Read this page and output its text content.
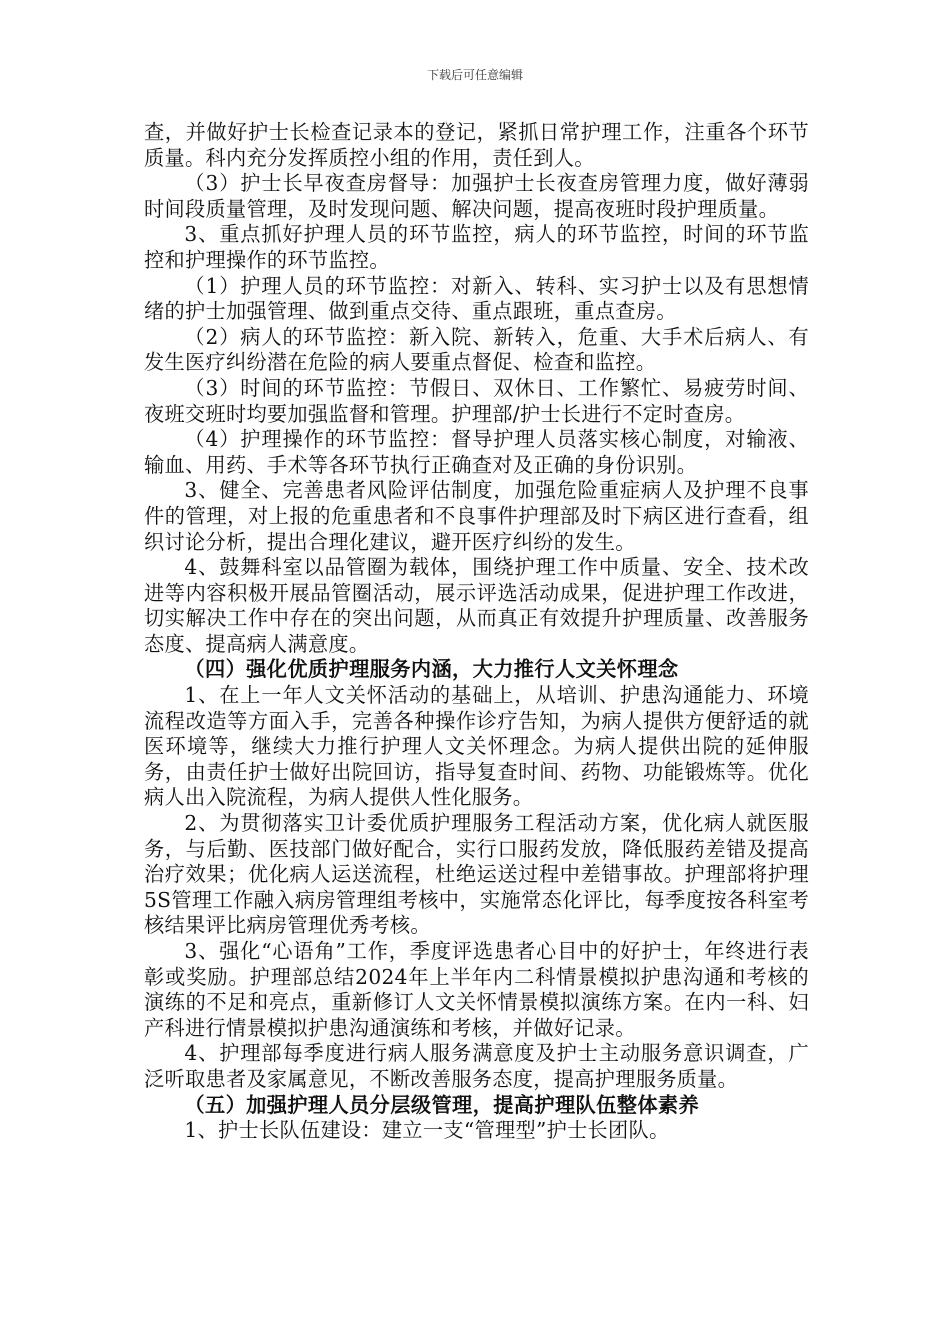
下载后可任意编辑

查，并做好护士长检查记录本的登记，紧抓日常护理工作，注重各个环节质量。科内充分发挥质控小组的作用，责任到人。

（3）护士长早夜查房督导：加强护士长夜查房管理力度，做好薄弱时间段质量管理，及时发现问题、解决问题，提高夜班时段护理质量。

3、重点抓好护理人员的环节监控，病人的环节监控，时间的环节监控和护理操作的环节监控。

（1）护理人员的环节监控：对新入、转科、实习护士以及有思想情绪的护士加强管理、做到重点交待、重点跟班，重点查房。

（2）病人的环节监控：新入院、新转入，危重、大手术后病人、有发生医疗纠纷潜在危险的病人要重点督促、检查和监控。

（3）时间的环节监控：节假日、双休日、工作繁忙、易疲劳时间、夜班交班时均要加强监督和管理。护理部/护士长进行不定时查房。

（4）护理操作的环节监控：督导护理人员落实核心制度，对输液、输血、用药、手术等各环节执行正确查对及正确的身份识别。

3、健全、完善患者风险评估制度，加强危险重症病人及护理不良事件的管理，对上报的危重患者和不良事件护理部及时下病区进行查看，组织讨论分析，提出合理化建议，避开医疗纠纷的发生。

4、鼓舞科室以品管圈为载体，围绕护理工作中质量、安全、技术改进等内容积极开展品管圈活动，展示评选活动成果，促进护理工作改进，切实解决工作中存在的突出问题，从而真正有效提升护理质量、改善服务态度、提高病人满意度。

（四）强化优质护理服务内涵，大力推行人文关怀理念

1、在上一年人文关怀活动的基础上，从培训、护患沟通能力、环境流程改造等方面入手，完善各种操作诊疗告知，为病人提供方便舒适的就医环境等，继续大力推行护理人文关怀理念。为病人提供出院的延伸服务，由责任护士做好出院回访，指导复查时间、药物、功能锻炼等。优化病人出入院流程，为病人提供人性化服务。

2、为贯彻落实卫计委优质护理服务工程活动方案，优化病人就医服务，与后勤、医技部门做好配合，实行口服药发放，降低服药差错及提高治疗效果；优化病人运送流程，杜绝运送过程中差错事故。护理部将护理5S管理工作融入病房管理组考核中，实施常态化评比，每季度按各科室考核结果评比病房管理优秀考核。

3、强化“心语角”工作，季度评选患者心目中的好护士，年终进行表彰或奖励。护理部总结2024年上半年内二科情景模拟护患沟通和考核的演练的不足和亮点，重新修订人文关怀情景模拟演练方案。在内一科、妇产科进行情景模拟护患沟通演练和考核，并做好记录。

4、护理部每季度进行病人服务满意度及护士主动服务意识调查，广泛听取患者及家属意见，不断改善服务态度，提高护理服务质量。

（五）加强护理人员分层级管理，提高护理队伍整体素养

1、护士长队伍建设：建立一支“管理型”护士长团队。
